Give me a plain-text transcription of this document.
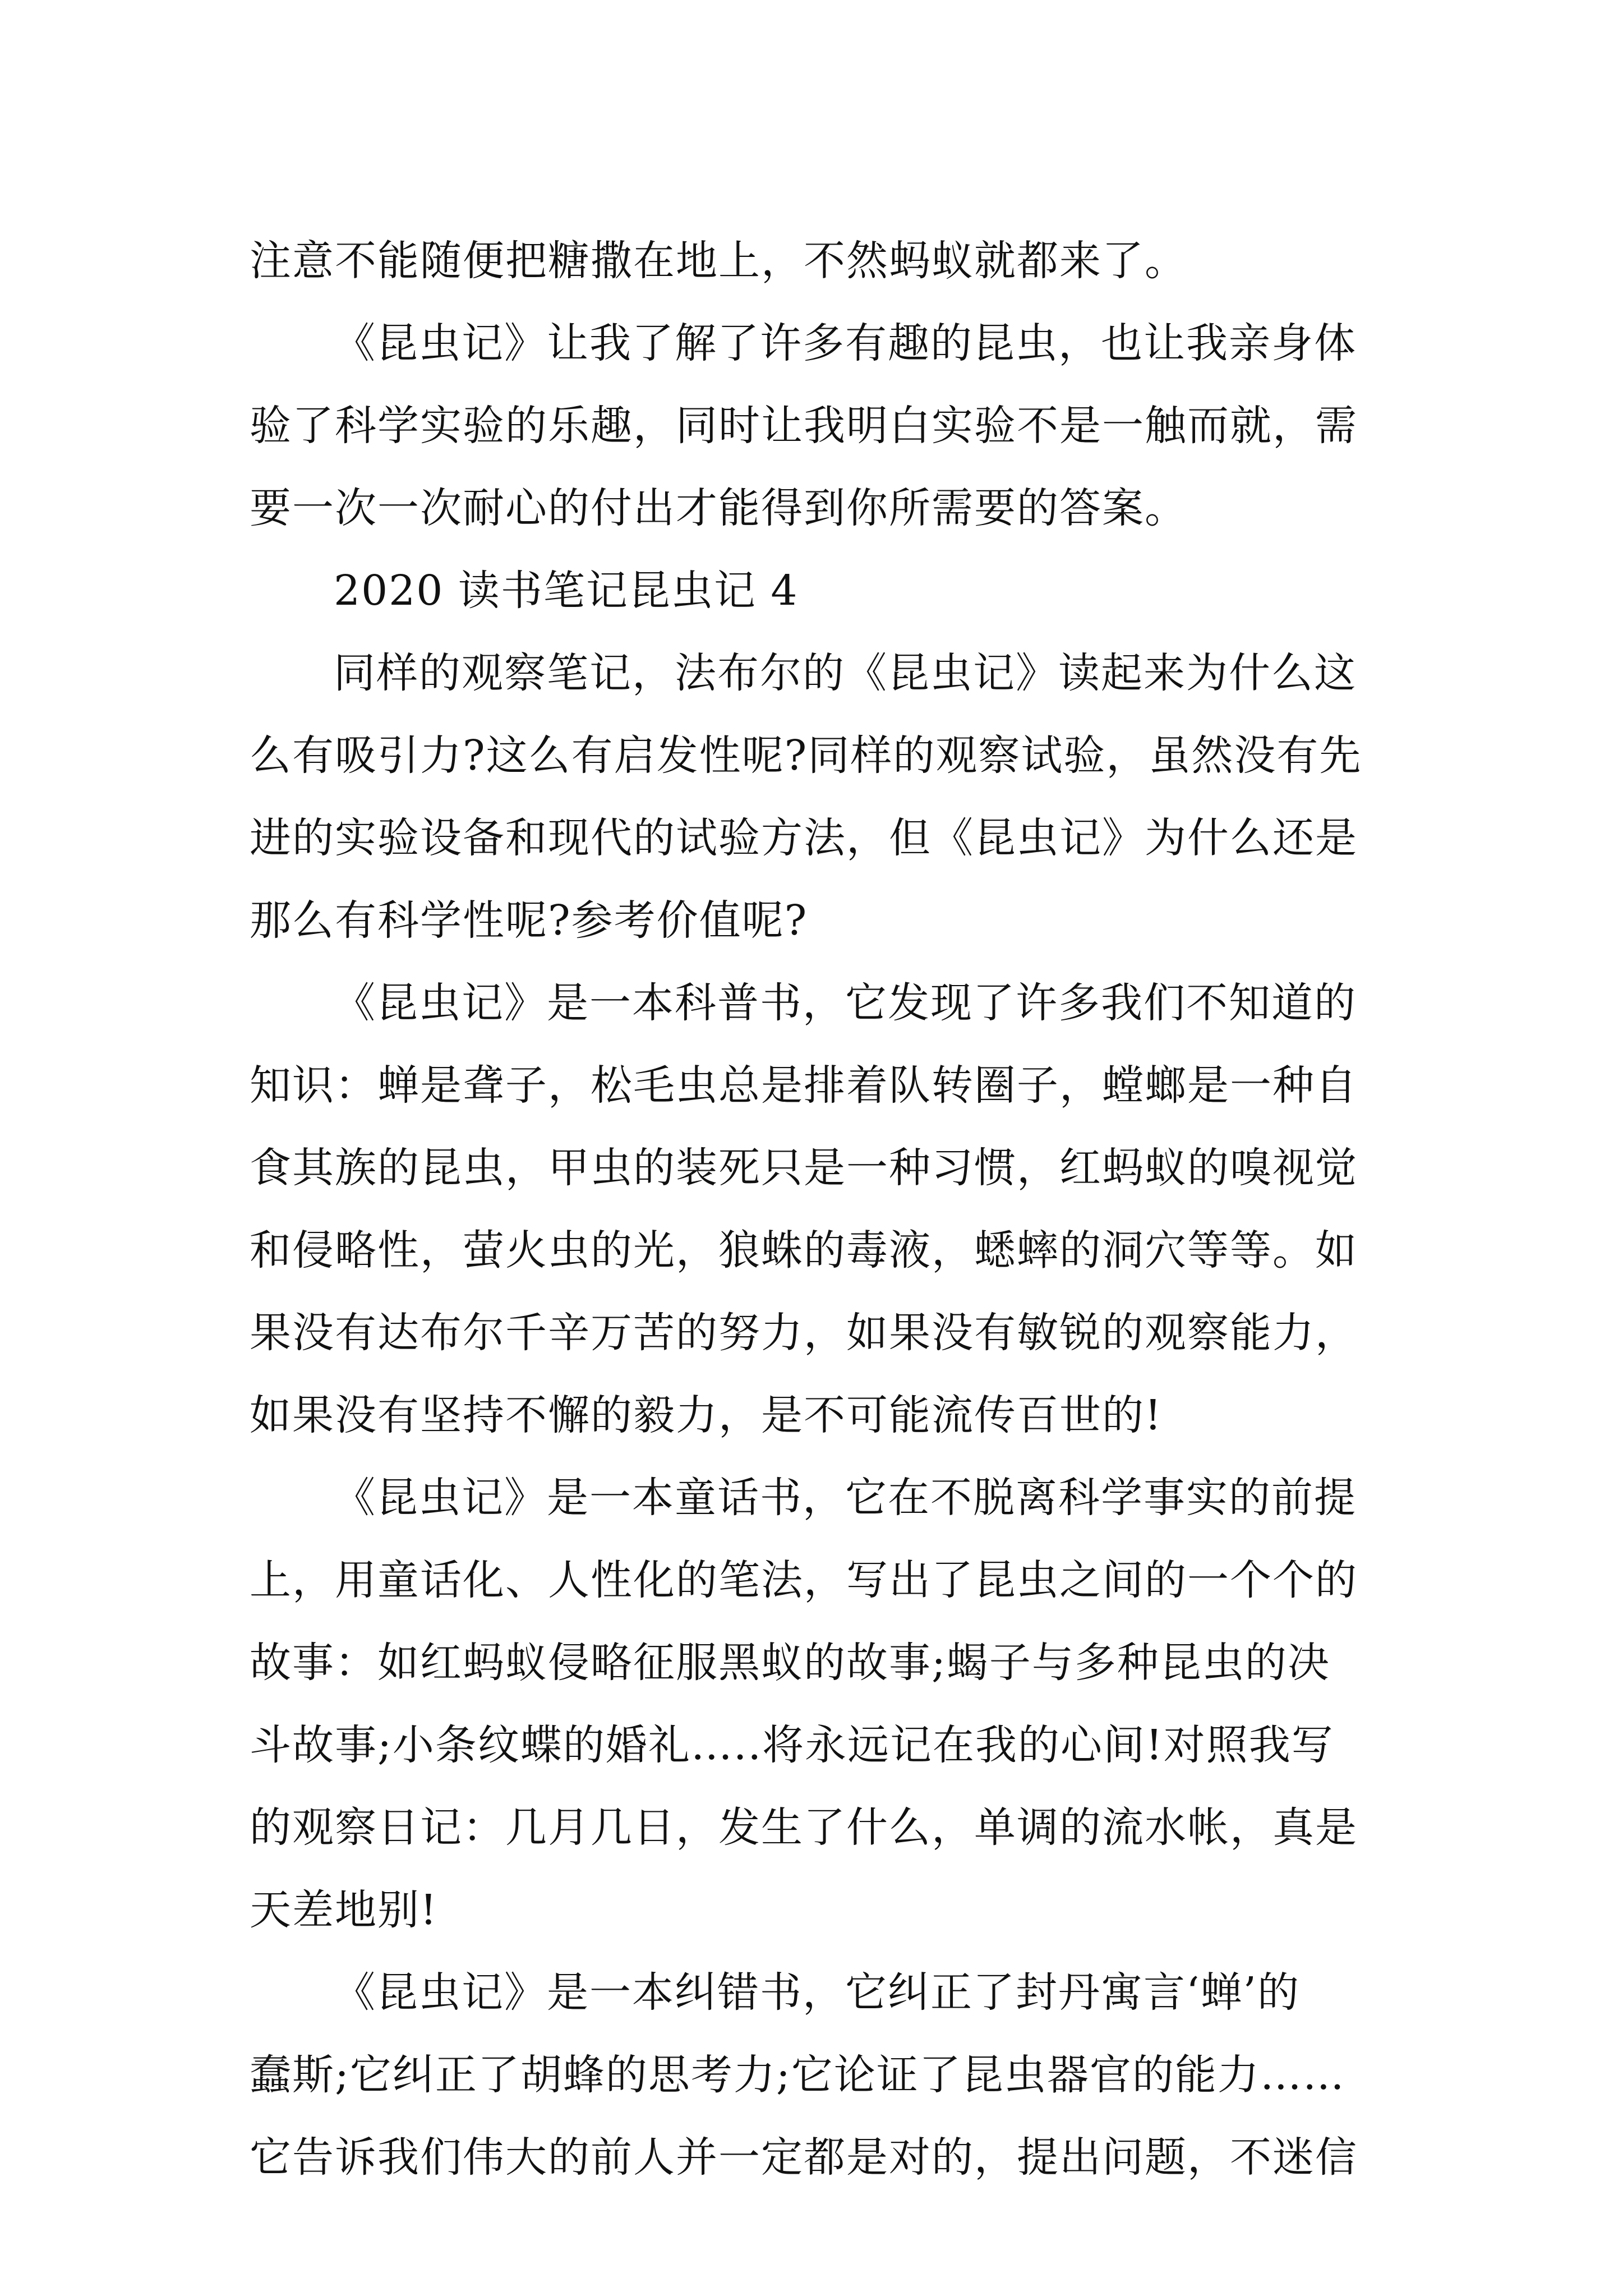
注意不能随便把糖撒在地上，不然蚂蚁就都来了。
《昆虫记》让我了解了许多有趣的昆虫，也让我亲身体
验了科学实验的乐趣，同时让我明白实验不是一触而就，需
要一次一次耐心的付出才能得到你所需要的答案。
2020 读书笔记昆虫记 4
同样的观察笔记，法布尔的《昆虫记》读起来为什么这
么有吸引力?这么有启发性呢?同样的观察试验，虽然没有先
进的实验设备和现代的试验方法，但《昆虫记》为什么还是
那么有科学性呢?参考价值呢?
《昆虫记》是一本科普书，它发现了许多我们不知道的
知识：蝉是聋子，松毛虫总是排着队转圈子，螳螂是一种自
食其族的昆虫，甲虫的装死只是一种习惯，红蚂蚁的嗅视觉
和侵略性，萤火虫的光，狼蛛的毒液，蟋蟀的洞穴等等。如
果没有达布尔千辛万苦的努力，如果没有敏锐的观察能力，
如果没有坚持不懈的毅力，是不可能流传百世的!
《昆虫记》是一本童话书，它在不脱离科学事实的前提
上，用童话化、人性化的笔法，写出了昆虫之间的一个个的
故事：如红蚂蚁侵略征服黑蚁的故事;蝎子与多种昆虫的决
斗故事;小条纹蝶的婚礼…..将永远记在我的心间!对照我写
的观察日记：几月几日，发生了什么，单调的流水帐，真是
天差地别!
《昆虫记》是一本纠错书，它纠正了封丹寓言‘蝉’的
蠢斯;它纠正了胡蜂的思考力;它论证了昆虫器官的能力……
它告诉我们伟大的前人并一定都是对的，提出问题，不迷信
